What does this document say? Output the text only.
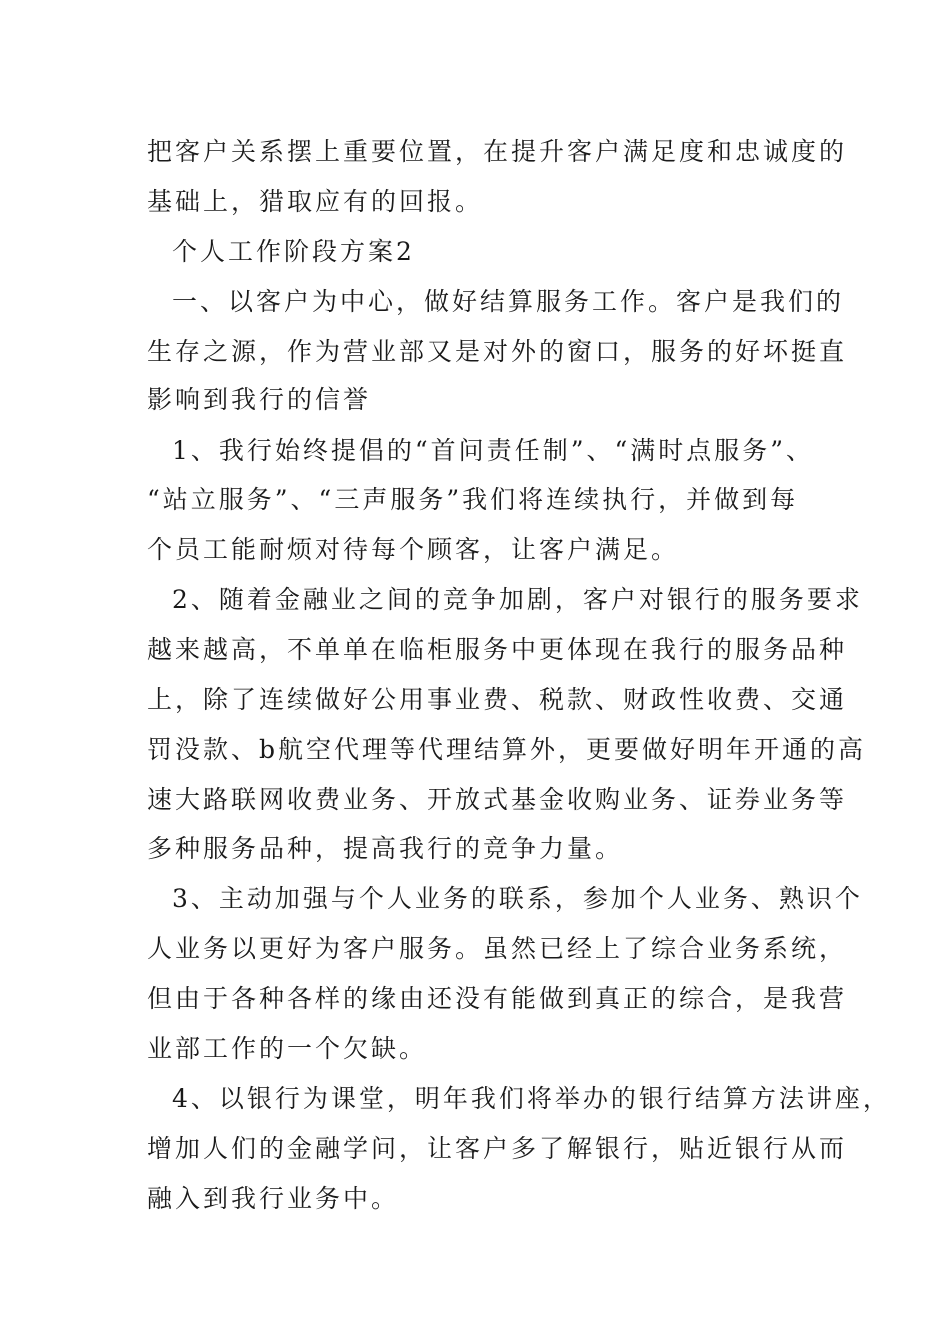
把客户关系摆上重要位置，在提升客户满足度和忠诚度的
基础上，猎取应有的回报。
个人工作阶段方案2
一、以客户为中心，做好结算服务工作。客户是我们的
生存之源，作为营业部又是对外的窗口，服务的好坏挺直
影响到我行的信誉
1、我行始终提倡的“首问责任制”、“满时点服务”、
“站立服务”、“三声服务”我们将连续执行，并做到每
个员工能耐烦对待每个顾客，让客户满足。
2、随着金融业之间的竞争加剧，客户对银行的服务要求
越来越高，不单单在临柜服务中更体现在我行的服务品种
上，除了连续做好公用事业费、税款、财政性收费、交通
罚没款、b航空代理等代理结算外，更要做好明年开通的高
速大路联网收费业务、开放式基金收购业务、证券业务等
多种服务品种，提高我行的竞争力量。
3、主动加强与个人业务的联系，参加个人业务、熟识个
人业务以更好为客户服务。虽然已经上了综合业务系统，
但由于各种各样的缘由还没有能做到真正的综合，是我营
业部工作的一个欠缺。
4、以银行为课堂，明年我们将举办的银行结算方法讲座，
增加人们的金融学问，让客户多了解银行，贴近银行从而
融入到我行业务中。
